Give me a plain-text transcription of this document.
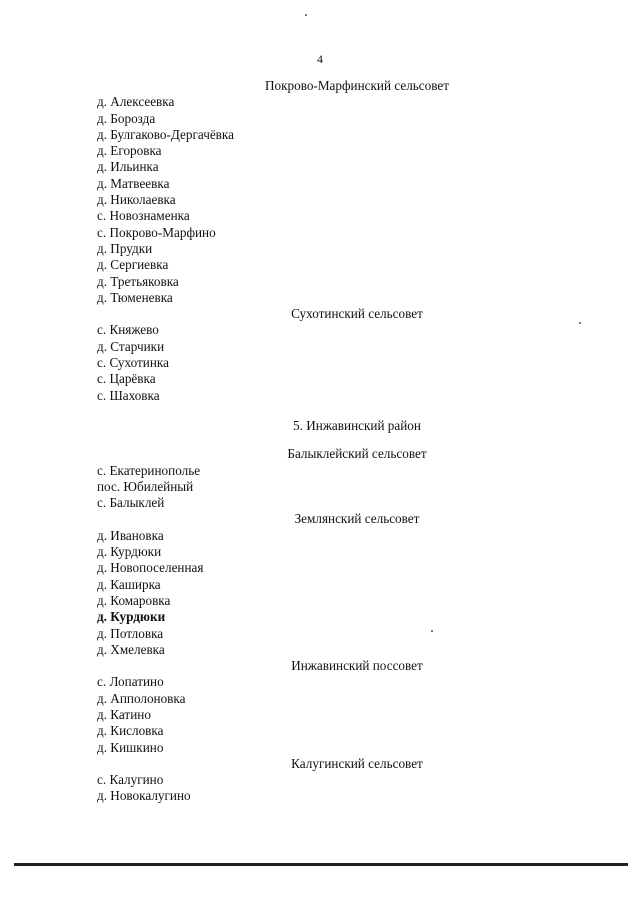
4
Покрово-Марфинский сельсовет
д. Алексеевка
д. Борозда
д. Булгаково-Дергачёвка
д. Егоровка
д. Ильинка
д. Матвеевка
д. Николаевка
с. Новознаменка
с. Покрово-Марфино
д. Прудки
д. Сергиевка
д. Третьяковка
д. Тюменевка
Сухотинский сельсовет
с. Княжево
д. Старчики
с. Сухотинка
с. Царёвка
с. Шаховка
5. Инжавинский район
Балыклейский сельсовет
с. Екатеринополье
пос. Юбилейный
с. Балыклей
Землянский сельсовет
д. Ивановка
д. Курдюки
д. Новопоселенная
д. Каширка
д. Комаровка
д. Курдюки
д. Потловка
д. Хмелевка
Инжавинский поссовет
с. Лопатино
д. Апполоновка
д. Катино
д. Кисловка
д. Кишкино
Калугинский сельсовет
с. Калугино
д. Новокалугино
